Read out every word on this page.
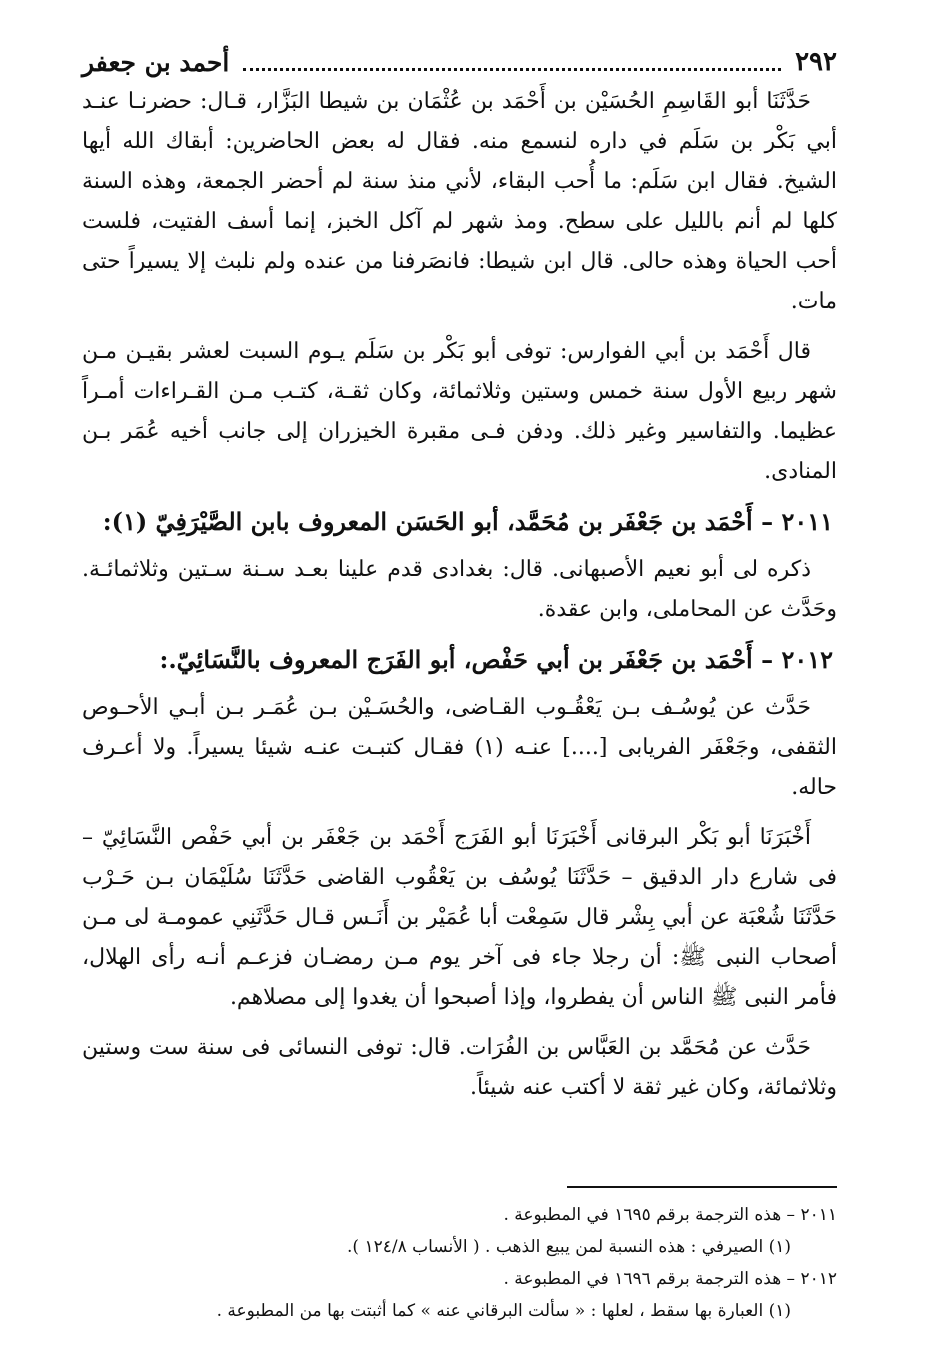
٢٩٢
أحمد بن جعفر

حَدَّثَنَا أبو القَاسِمِ الحُسَيْن بن أَحْمَد بن عُثْمَان بن شيطا البَزَّار، قـال: حضرنـا عنـد أبي بَكْر بن سَلَم في داره لنسمع منه. فقال له بعض الحاضرين: أبقاك الله أيها الشيخ. فقال ابن سَلَم: ما أُحب البقاء، لأني منذ سنة لم أحضر الجمعة، وهذه السنة كلها لم أنم بالليل على سطح. ومذ شهر لم آكل الخبز، إنما أسف الفتيت، فلست أحب الحياة وهذه حالى. قال ابن شيطا: فانصَرفنا من عنده ولم نلبث إلا يسيراً حتى مات.

قال أَحْمَد بن أبي الفوارس: توفى أبو بَكْر بن سَلَم يـوم السبت لعشر بقيـن مـن شهر ربيع الأول سنة خمس وستين وثلاثمائة، وكان ثقـة، كتـب مـن القـراءات أمـراً عظيما. والتفاسير وغير ذلك. ودفن فـى مقبرة الخيزران إلى جانب أخيه عُمَر بـن المنادى.

٢٠١١ – أَحْمَد بن جَعْفَر بن مُحَمَّد، أبو الحَسَن المعروف بابن الصَّيْرَفِيّ (١):

ذكره لى أبو نعيم الأصبهانى. قال: بغدادى قدم علينا بعـد سـنة سـتين وثلاثمائـة. وحَدَّث عن المحاملى، وابن عقدة.

٢٠١٢ – أَحْمَد بن جَعْفَر بن أبي حَفْص، أبو الفَرَج المعروف بالنَّسَائِيّ.:

حَدَّث عن يُوسُـف بـن يَعْقُـوب القـاضى، والحُسَـيْن بـن عُمَـر بـن أبـي الأحـوص الثقفى، وجَعْفَر الفريابى [....] عنـه (١) فقـال كتبـت عنـه شيئا يسيراً. ولا أعـرف حاله.

أَخْبَرَنَا أبو بَكْر البرقانى أَخْبَرَنَا أبو الفَرَج أَحْمَد بن جَعْفَر بن أبي حَفْص النَّسَائِيّ – فى شارع دار الدقيق – حَدَّثَنَا يُوسُف بن يَعْقُوب القاضى حَدَّثَنَا سُلَيْمَان بـن حَـرْب حَدَّثَنَا شُعْبَة عن أبي بِشْر قال سَمِعْت أبا عُمَيْر بن أَنَـس قـال حَدَّثَنِي عمومـة لى مـن أصحاب النبى ﷺ: أن رجلا جاء فى آخر يوم مـن رمضـان فزعـم أنـه رأى الهلال، فأمر النبى ﷺ الناس أن يفطروا، وإذا أصبحوا أن يغدوا إلى مصلاهم.

حَدَّث عن مُحَمَّد بن العَبَّاس بن الفُرَات. قال: توفى النسائى فى سنة ست وستين وثلاثمائة، وكان غير ثقة لا أكتب عنه شيئاً.

٢٠١١ – هذه الترجمة برقم ١٦٩٥ في المطبوعة .
(١) الصيرفي : هذه النسبة لمن يبيع الذهب . ( الأنساب ١٢٤/٨ ).
٢٠١٢ – هذه الترجمة برقم ١٦٩٦ في المطبوعة .
(١) العبارة بها سقط ، لعلها : « سألت البرقاني عنه » كما أثبتت بها من المطبوعة .
